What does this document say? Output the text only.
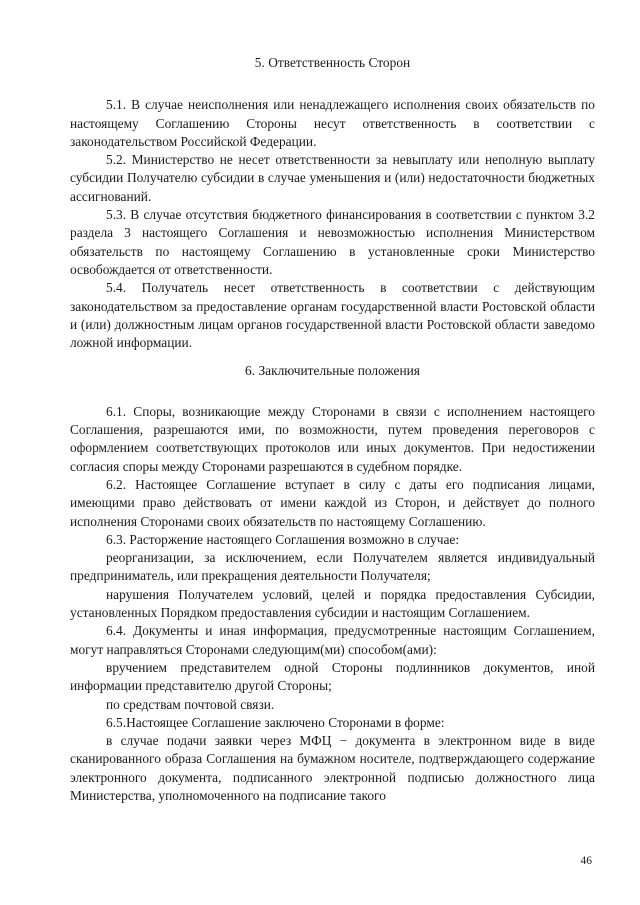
5. Ответственность Сторон

5.1. В случае неисполнения или ненадлежащего исполнения своих обязательств по настоящему Соглашению Стороны несут ответственность в соответствии с законодательством Российской Федерации.

5.2. Министерство не несет ответственности за невыплату или неполную выплату субсидии Получателю субсидии в случае уменьшения и (или) недостаточности бюджетных ассигнований.

5.3. В случае отсутствия бюджетного финансирования в соответствии с пунктом 3.2 раздела 3 настоящего Соглашения и невозможностью исполнения Министерством обязательств по настоящему Соглашению в установленные сроки Министерство освобождается от ответственности.

5.4. Получатель несет ответственность в соответствии с действующим законодательством за предоставление органам государственной власти Ростовской области и (или) должностным лицам органов государственной власти Ростовской области заведомо ложной информации.

6. Заключительные положения

6.1. Споры, возникающие между Сторонами в связи с исполнением настоящего Соглашения, разрешаются ими, по возможности, путем проведения переговоров с оформлением соответствующих протоколов или иных документов. При недостижении согласия споры между Сторонами разрешаются в судебном порядке.

6.2. Настоящее Соглашение вступает в силу с даты его подписания лицами, имеющими право действовать от имени каждой из Сторон, и действует до полного исполнения Сторонами своих обязательств по настоящему Соглашению.

6.3. Расторжение настоящего Соглашения возможно в случае:

реорганизации, за исключением, если Получателем является индивидуальный предприниматель, или прекращения деятельности Получателя;

нарушения Получателем условий, целей и порядка предоставления Субсидии, установленных Порядком предоставления субсидии и настоящим Соглашением.

6.4. Документы и иная информация, предусмотренные настоящим Соглашением, могут направляться Сторонами следующим(ми) способом(ами):

вручением представителем одной Стороны подлинников документов, иной информации представителю другой Стороны;

по средствам почтовой связи.

6.5.Настоящее Соглашение заключено Сторонами в форме:

в случае подачи заявки через МФЦ − документа в электронном виде в виде сканированного образа Соглашения на бумажном носителе, подтверждающего содержание электронного документа, подписанного электронной подписью должностного лица Министерства, уполномоченного на подписание такого

46
